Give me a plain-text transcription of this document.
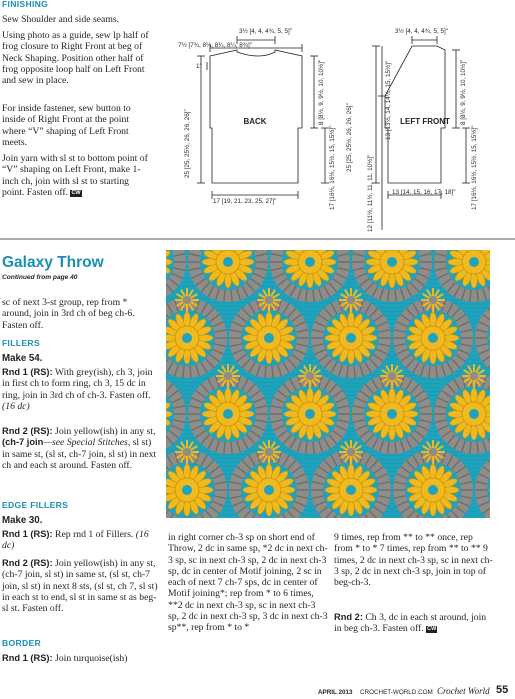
FINISHING

Sew Shoulder and side seams.

Using photo as a guide, sew lp half of frog closure to Right Front at beg of Neck Shaping. Position other half of frog opposite loop half on Left Front and sew in place.

For inside fastener, sew button to inside of Right Front at the point where “V” shaping of Left Front meets.

Join yarn with sl st to bottom point of “V” shaping on Left Front, make 1-inch ch, join with sl st to starting point. Fasten off. CW

3½ [4, 4, 4¾, 5, 5]"
7½ [7¾, 8¼, 8¼, 8¼, 8¾]"
1"
BACK
17 [19, 21, 23, 25, 27]"
25 [25, 25½, 26, 26, 26]"
8 [8½, 9, 9½, 10, 10½]"
17 [16½, 16½, 15½, 15, 15½]"
3½ [4, 4, 4¾, 5, 5]"
LEFT FRONT
13 [14, 15, 16, 17, 18]"
25 [25, 25½, 26, 26, 26]"	13 [13½, 14, 14½, 15, 15½]"
12 [11½, 11½, 11, 11, 10½]"
8 [8½, 9, 9½, 10, 10½]"
17 [16½, 16½, 15½, 15, 15½]"
Galaxy Throw
Continued from page 40

sc of next 3-st group, rep from * around, join in 3rd ch of beg ch-6. Fasten off.

FILLERS

Make 54.

Rnd 1 (RS): With grey(ish), ch 3, join in first ch to form ring, ch 3, 15 dc in ring, join in 3rd ch of ch-3. Fasten off. (16 dc)

Rnd 2 (RS): Join yellow(ish) in any st, (ch-7 join—see Special Stitches, sl st) in same st, (sl st, ch-7 join, sl st) in next ch and each st around. Fasten off.

EDGE FILLERS

Make 30.

Rnd 1 (RS): Rep rnd 1 of Fillers. (16 dc)

Rnd 2 (RS): Join yellow(ish) in any st, (ch-7 join, sl st) in same st, (sl st, ch-7 join, sl st) in next 8 sts, (sl st, ch 7, sl st) in each st to end, sl st in same st as beg-sl st. Fasten off.

BORDER

Rnd 1 (RS): Join turquoise(ish)

in right corner ch-3 sp on short end of Throw, 2 dc in same sp, *2 dc in next ch-3 sp, sc in next ch-3 sp, 2 dc in next ch-3 sp, dc in center of Motif joining, 2 sc in each of next 7 ch-7 sps, dc in center of Motif joining*; rep from * to 6 times, **2 dc in next ch-3 sp, sc in next ch-3 sp, 2 dc in next ch-3 sp, 3 dc in next ch-3 sp**, rep from * to *

9 times, rep from ** to ** once, rep from * to * 7 times, rep from ** to ** 9 times, 2 dc in next ch-3 sp, sc in next ch-3 sp, 2 dc in next ch-3 sp, join in top of beg-ch-3.

Rnd 2: Ch 3, dc in each st around, join in beg ch-3. Fasten off. CW

APRIL 2013 CROCHET-WORLD.COM Crochet World 55
